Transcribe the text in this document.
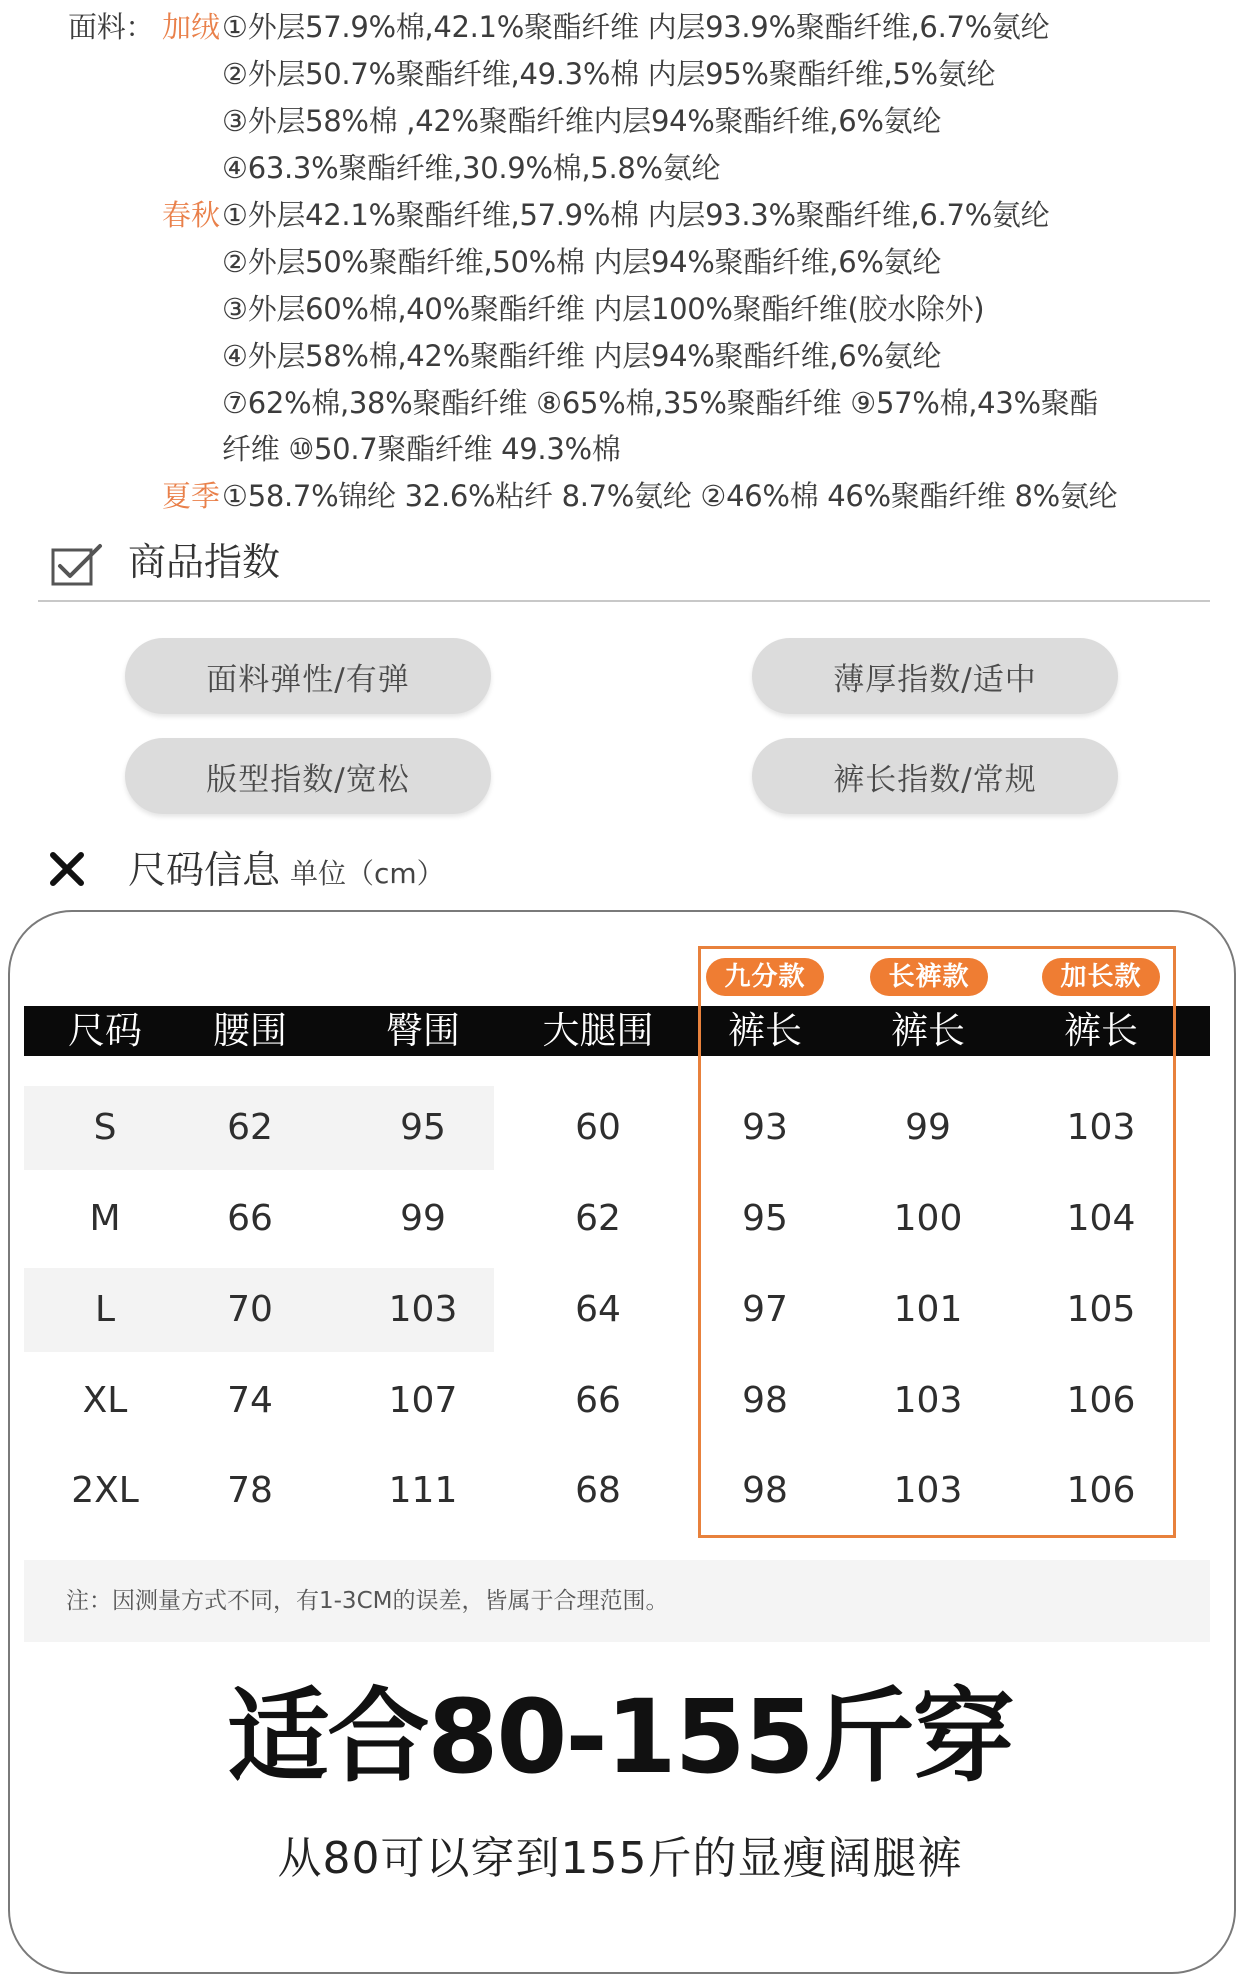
面料： 加绒 ①外层57.9%棉,42.1%聚酯纤维 内层93.9%聚酯纤维,6.7%氨纶
②外层50.7%聚酯纤维,49.3%棉 内层95%聚酯纤维,5%氨纶
③外层58%棉 ,42%聚酯纤维内层94%聚酯纤维,6%氨纶
④63.3%聚酯纤维,30.9%棉,5.8%氨纶
春秋 ①外层42.1%聚酯纤维,57.9%棉 内层93.3%聚酯纤维,6.7%氨纶
②外层50%聚酯纤维,50%棉 内层94%聚酯纤维,6%氨纶
③外层60%棉,40%聚酯纤维 内层100%聚酯纤维(胶水除外)
④外层58%棉,42%聚酯纤维 内层94%聚酯纤维,6%氨纶
⑦62%棉,38%聚酯纤维 ⑧65%棉,35%聚酯纤维 ⑨57%棉,43%聚酯
纤维 ⑩50.7聚酯纤维 49.3%棉
夏季 ①58.7%锦纶 32.6%粘纤 8.7%氨纶 ②46%棉 46%聚酯纤维 8%氨纶
商品指数
面料弹性/有弹	薄厚指数/适中
版型指数/宽松	裤长指数/常规
尺码信息 单位（cm）
九分款	长裤款	加长款
尺码	腰围	臀围	大腿围	裤长	裤长	裤长
S	62	95	60	93	99	103
M	66	99	62	95	100	104
L	70	103	64	97	101	105
XL	74	107	66	98	103	106
2XL	78	111	68	98	103	106
注：因测量方式不同，有1-3CM的误差，皆属于合理范围。
适合80-155斤穿
从80可以穿到155斤的显瘦阔腿裤
